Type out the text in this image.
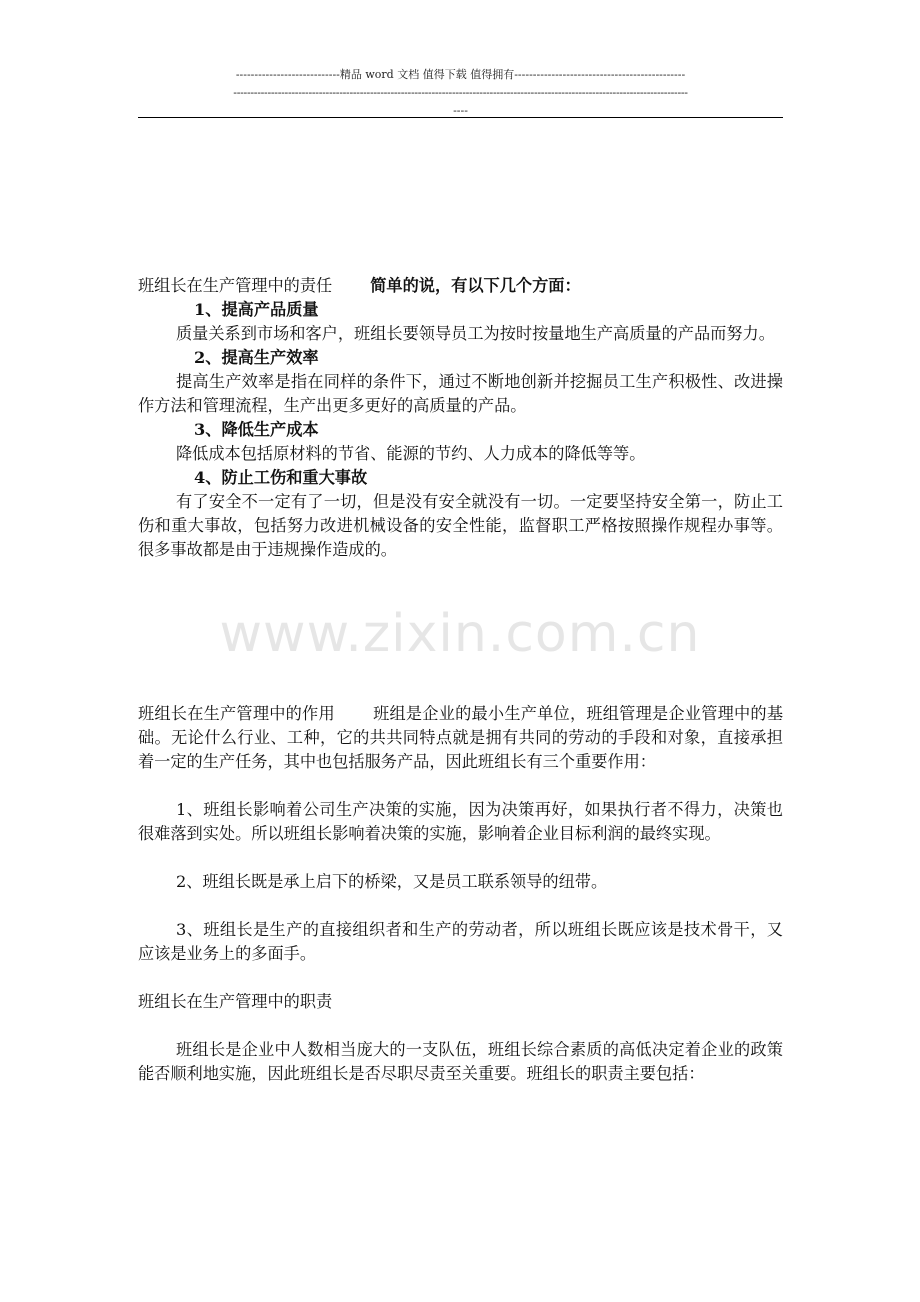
----------------------------精品 word 文档 值得下载 值得拥有----------------------------------------------
-------------------------------------------------------------------------------------------------------------------------------------
----
班组长在生产管理中的责任 简单的说，有以下几个方面：
1、提高产品质量
质量关系到市场和客户，班组长要领导员工为按时按量地生产高质量的产品而努力。
2、提高生产效率
提高生产效率是指在同样的条件下，通过不断地创新并挖掘员工生产积极性、改进操作方法和管理流程，生产出更多更好的高质量的产品。
3、降低生产成本
降低成本包括原材料的节省、能源的节约、人力成本的降低等等。
4、防止工伤和重大事故
有了安全不一定有了一切，但是没有安全就没有一切。一定要坚持安全第一，防止工伤和重大事故，包括努力改进机械设备的安全性能，监督职工严格按照操作规程办事等。很多事故都是由于违规操作造成的。
www.zixin.com.cn
班组长在生产管理中的作用 班组是企业的最小生产单位，班组管理是企业管理中的基础。无论什么行业、工种，它的共共同特点就是拥有共同的劳动的手段和对象，直接承担着一定的生产任务，其中也包括服务产品，因此班组长有三个重要作用：
1、班组长影响着公司生产决策的实施，因为决策再好，如果执行者不得力，决策也很难落到实处。所以班组长影响着决策的实施，影响着企业目标利润的最终实现。
2、班组长既是承上启下的桥梁，又是员工联系领导的纽带。
3、班组长是生产的直接组织者和生产的劳动者，所以班组长既应该是技术骨干，又应该是业务上的多面手。
班组长在生产管理中的职责
班组长是企业中人数相当庞大的一支队伍，班组长综合素质的高低决定着企业的政策能否顺利地实施，因此班组长是否尽职尽责至关重要。班组长的职责主要包括：
